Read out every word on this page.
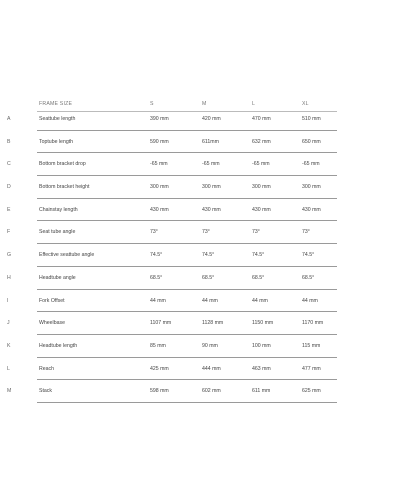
FRAME SIZE	S	M	L	XL
A	Seattube length	390 mm	420 mm	470 mm	510 mm
B	Toptube length	590 mm	611mm	632 mm	650 mm
C	Bottom bracket drop	-65 mm	-65 mm	-65 mm	-65 mm
D	Bottom bracket height	300 mm	300 mm	300 mm	300 mm
E	Chainstay length	430 mm	430 mm	430 mm	430 mm
F	Seat tube angle	73°	73°	73°	73°
G	Effective seattube angle	74.5°	74.5°	74.5°	74.5°
H	Headtube angle	68.5°	68.5°	68.5°	68.5°
I	Fork Offset	44 mm	44 mm	44 mm	44 mm
J	Wheelbase	1107 mm	1128 mm	1150 mm	1170 mm
K	Headtube length	85 mm	90 mm	100 mm	115 mm
L	Reach	425 mm	444 mm	463 mm	477 mm
M	Stack	598 mm	602 mm	611 mm	625 mm
